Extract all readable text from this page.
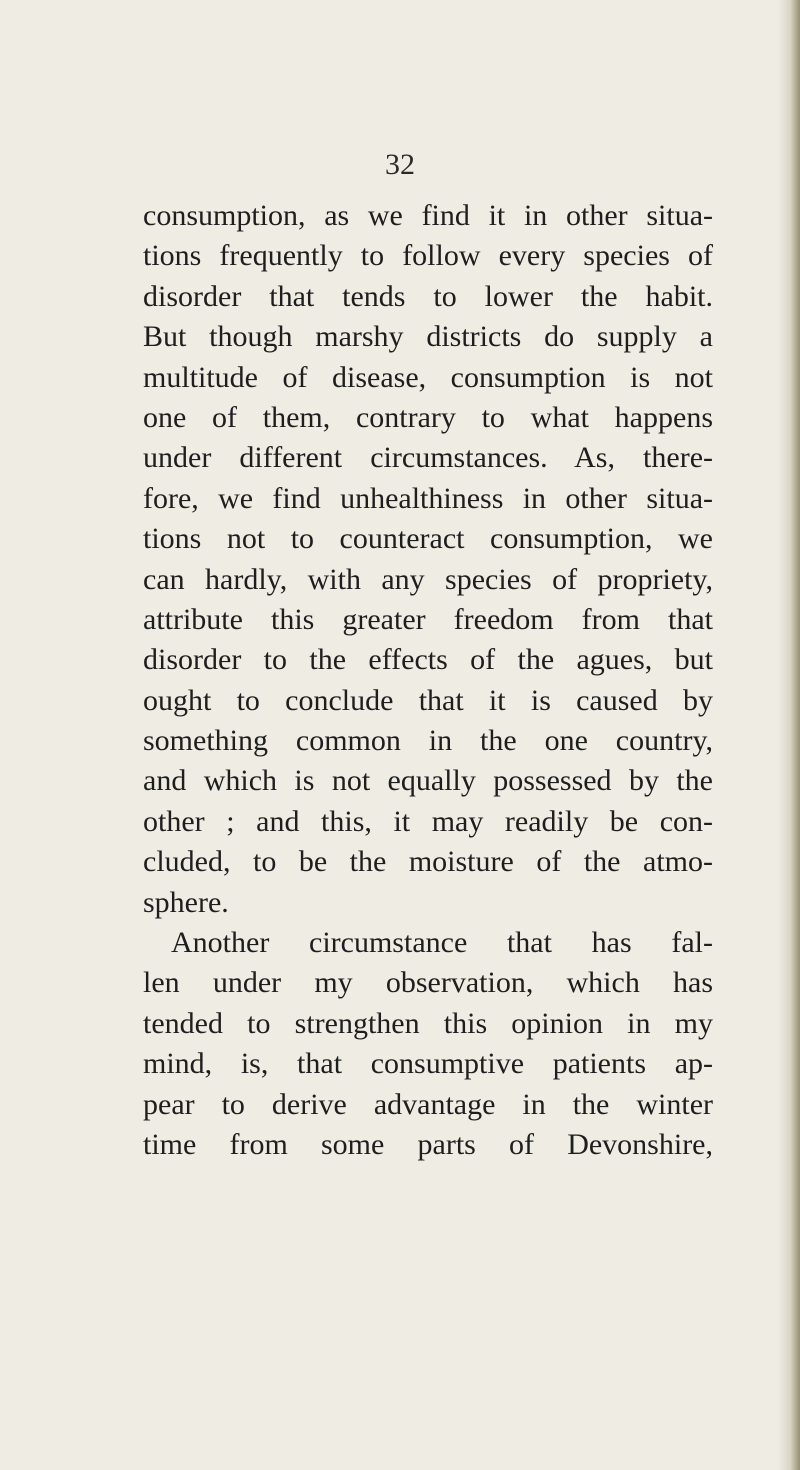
32
consumption, as we find it in other situa-
tions frequently to follow every species of
disorder that tends to lower the habit.
But though marshy districts do supply a
multitude of disease, consumption is not
one of them, contrary to what happens
under different circumstances. As, there-
fore, we find unhealthiness in other situa-
tions not to counteract consumption, we
can hardly, with any species of propriety,
attribute this greater freedom from that
disorder to the effects of the agues, but
ought to conclude that it is caused by
something common in the one country,
and which is not equally possessed by the
other ; and this, it may readily be con-
cluded, to be the moisture of the atmo-
sphere.
Another circumstance that has fal-
len under my observation, which has
tended to strengthen this opinion in my
mind, is, that consumptive patients ap-
pear to derive advantage in the winter
time from some parts of Devonshire,
